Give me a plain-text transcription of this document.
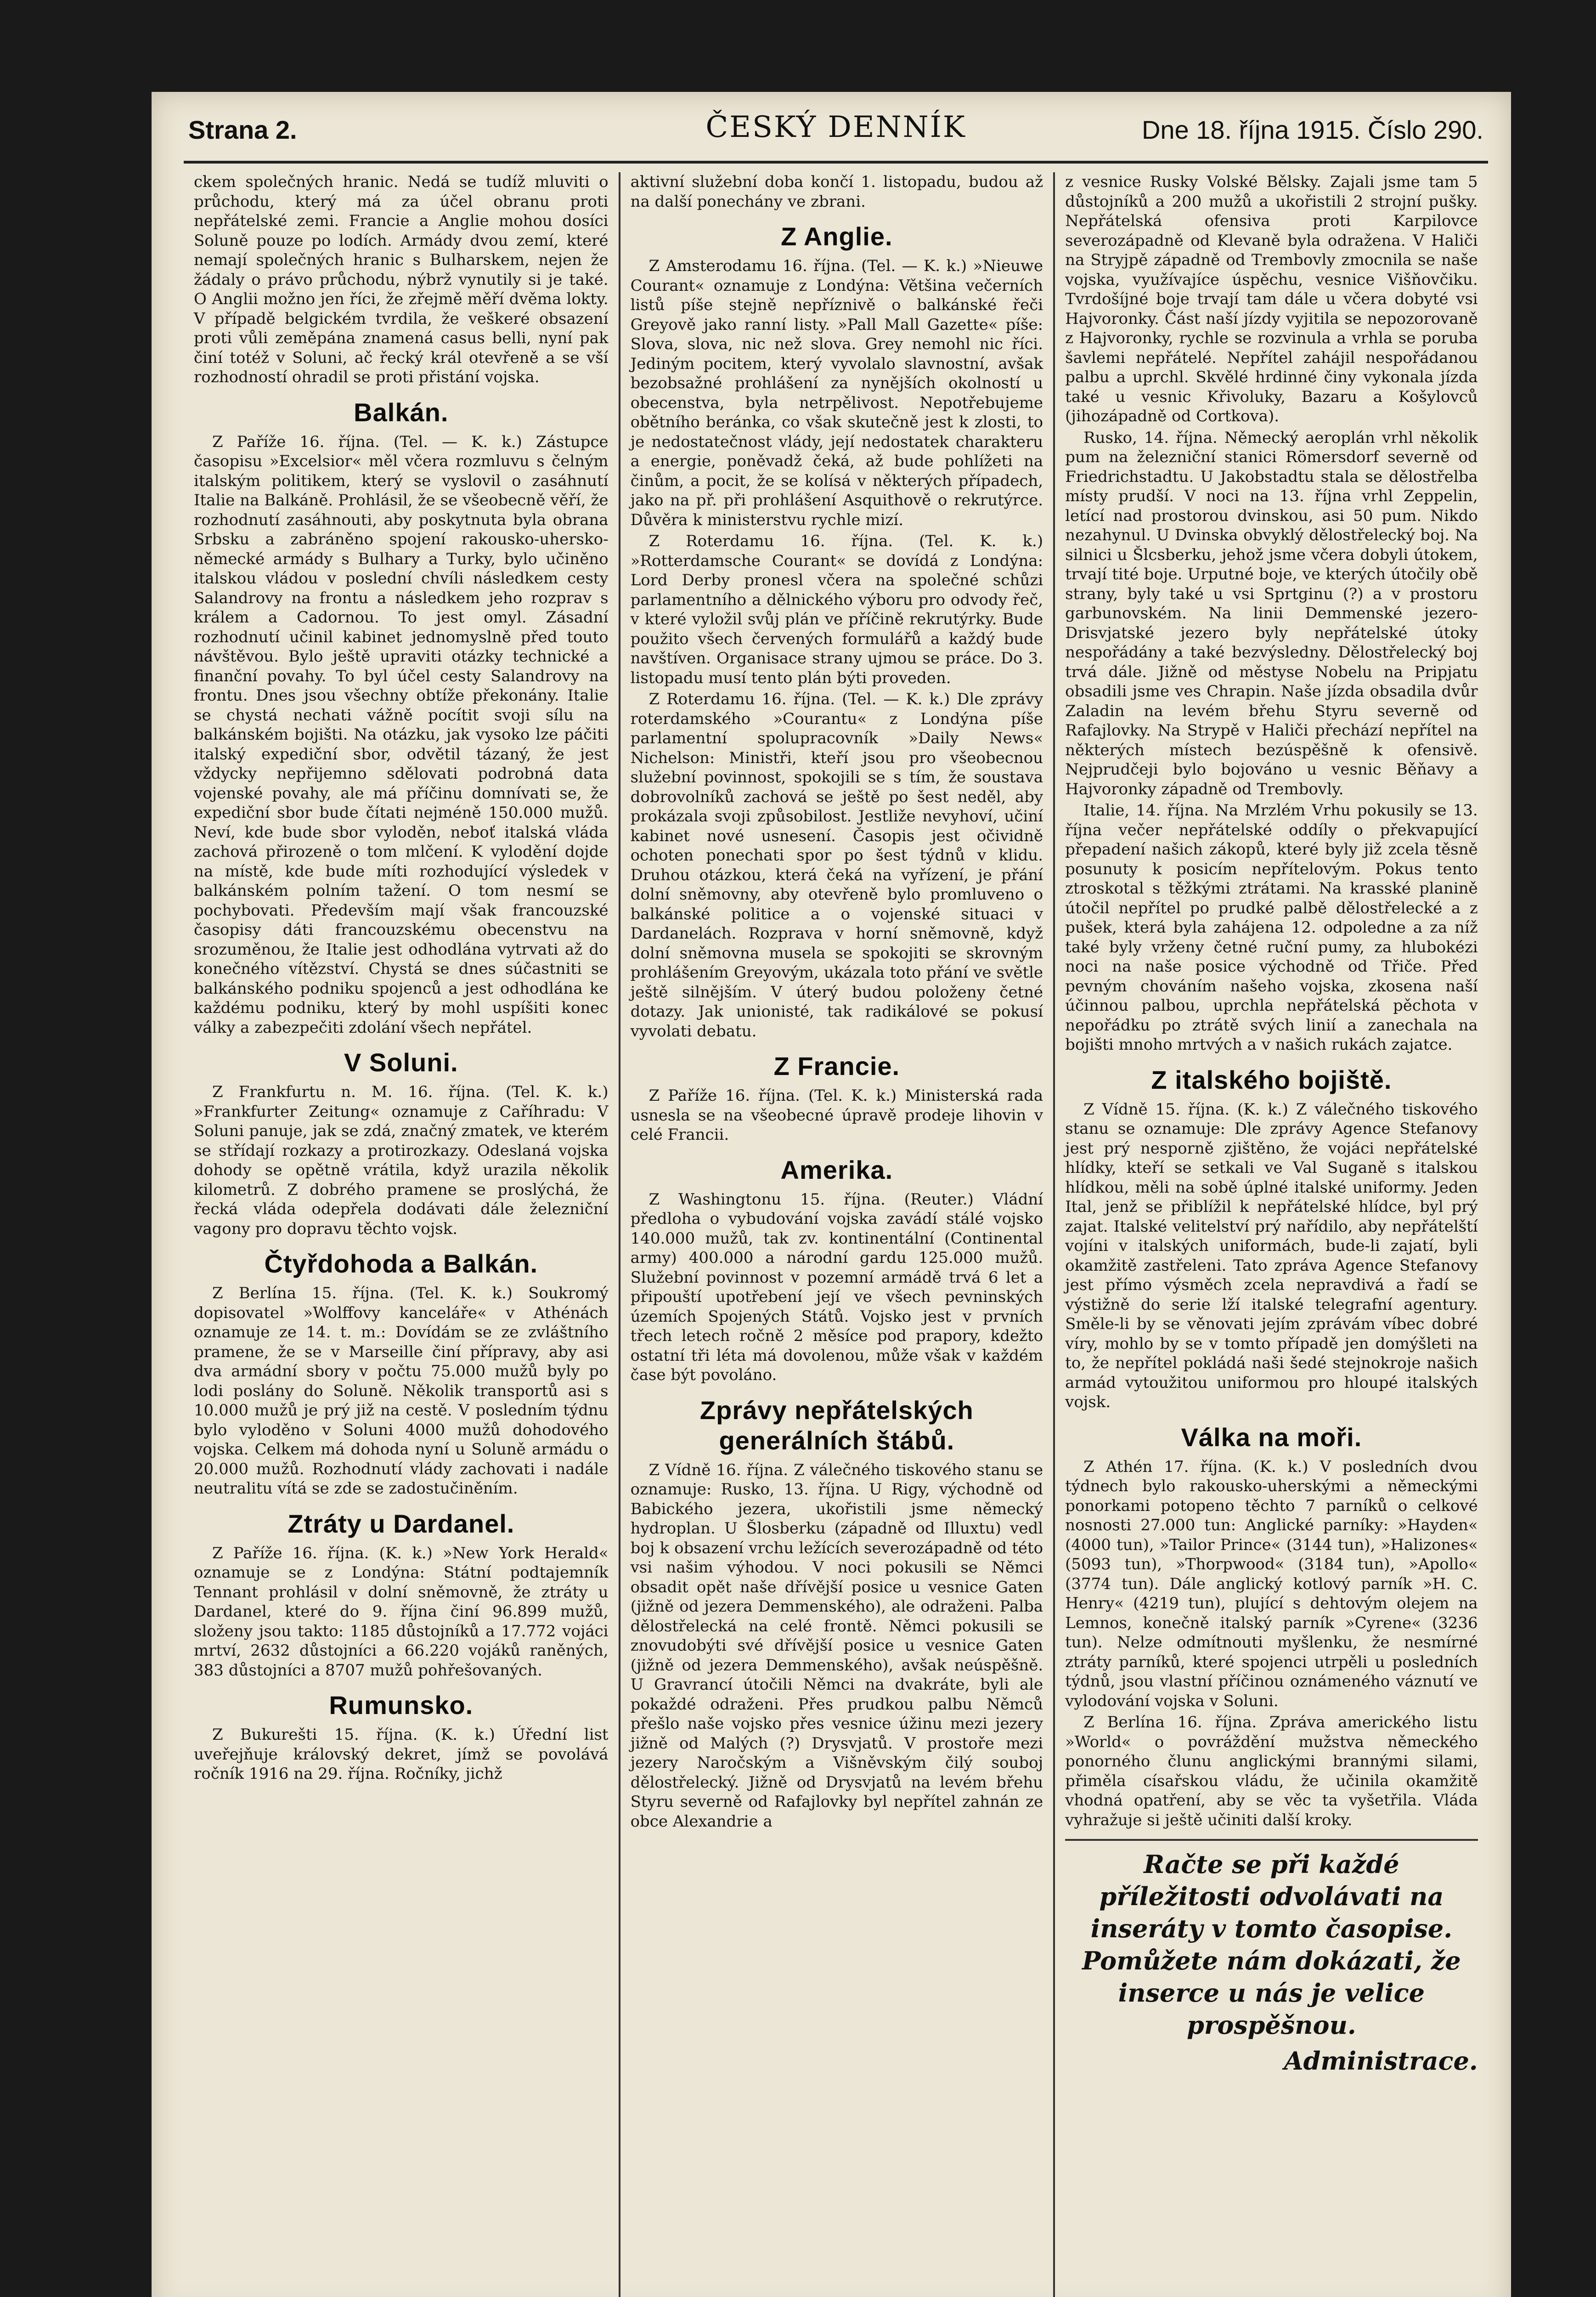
Strana 2.	ČESKÝ DENNÍK	Dne 18. října 1915. Číslo 290.

ckem společných hranic. Nedá se tudíž mluviti o průchodu, který má za účel obranu proti nepřátelské zemi. Francie a Anglie mohou dosíci Soluně pouze po lodích. Armády dvou zemí, které nemají společných hranic s Bulharskem, nejen že žádaly o právo průchodu, nýbrž vynutily si je také. O Anglii možno jen říci, že zřejmě měří dvěma lokty. V případě belgickém tvrdila, že veškeré obsazení proti vůli zeměpána znamená casus belli, nyní pak činí totéž v Soluni, ač řecký král otevřeně a se vší rozhodností ohradil se proti přistání vojska.

Balkán.

Z Paříže 16. října. (Tel. — K. k.) Zástupce časopisu »Excelsior« měl včera rozmluvu s čelným italským politikem, který se vyslovil o zasáhnutí Italie na Balkáně. Prohlásil, že se všeobecně věří, že rozhodnutí zasáhnouti, aby poskytnuta byla obrana Srbsku a zabráněno spojení rakousko-uhersko-německé armády s Bulhary a Turky, bylo učiněno italskou vládou v poslední chvíli následkem cesty Salandrovy na frontu a následkem jeho rozprav s králem a Cadornou. To jest omyl. Zásadní rozhodnutí učinil kabinet jednomyslně před touto návštěvou. Bylo ještě upraviti otázky technické a finanční povahy. To byl účel cesty Salandrovy na frontu. Dnes jsou všechny obtíže překonány. Italie se chystá nechati vážně pocítit svoji sílu na balkánském bojišti. Na otázku, jak vysoko lze páčiti italský expediční sbor, odvětil tázaný, že jest vždycky nepřijemno sdělovati podrobná data vojenské povahy, ale má příčinu domnívati se, že expediční sbor bude čítati nejméně 150.000 mužů. Neví, kde bude sbor vyloděn, neboť italská vláda zachová přirozeně o tom mlčení. K vylodění dojde na místě, kde bude míti rozhodující výsledek v balkánském polním tažení. O tom nesmí se pochybovati. Především mají však francouzské časopisy dáti francouzskému obecenstvu na srozuměnou, že Italie jest odhodlána vytrvati až do konečného vítězství. Chystá se dnes súčastniti se balkánského podniku spojenců a jest odhodlána ke každému podniku, který by mohl uspíšiti konec války a zabezpečiti zdolání všech nepřátel.

V Soluni.

Z Frankfurtu n. M. 16. října. (Tel. K. k.) »Frankfurter Zeitung« oznamuje z Caříhradu: V Soluni panuje, jak se zdá, značný zmatek, ve kterém se střídají rozkazy a protirozkazy. Odeslaná vojska dohody se opětně vrátila, když urazila několik kilometrů. Z dobrého pramene se proslýchá, že řecká vláda odepřela dodávati dále železniční vagony pro dopravu těchto vojsk.

Čtyřdohoda a Balkán.

Z Berlína 15. října. (Tel. K. k.) Soukromý dopisovatel »Wolffovy kanceláře« v Athénách oznamuje ze 14. t. m.: Dovídám se ze zvláštního pramene, že se v Marseille činí přípravy, aby asi dva armádní sbory v počtu 75.000 mužů byly po lodi poslány do Soluně. Několik transportů asi s 10.000 mužů je prý již na cestě. V posledním týdnu bylo vyloděno v Soluni 4000 mužů dohodového vojska. Celkem má dohoda nyní u Soluně armádu o 20.000 mužů. Rozhodnutí vlády zachovati i nadále neutralitu vítá se zde se zadostučiněním.

Ztráty u Dardanel.

Z Paříže 16. října. (K. k.) »New York Herald« oznamuje se z Londýna: Státní podtajemník Tennant prohlásil v dolní sněmovně, že ztráty u Dardanel, které do 9. října činí 96.899 mužů, složeny jsou takto: 1185 důstojníků a 17.772 vojáci mrtví, 2632 důstojníci a 66.220 vojáků raněných, 383 důstojníci a 8707 mužů pohřešovaných.

Rumunsko.

Z Bukurešti 15. října. (K. k.) Úřední list uveřejňuje královský dekret, jímž se povolává ročník 1916 na 29. října. Ročníky, jichž

aktivní služební doba končí 1. listopadu, budou až na další ponechány ve zbrani.

Z Anglie.

Z Amsterodamu 16. října. (Tel. — K. k.) »Nieuwe Courant« oznamuje z Londýna: Většina večerních listů píše stejně nepříznivě o balkánské řeči Greyově jako ranní listy. »Pall Mall Gazette« píše: Slova, slova, nic než slova. Grey nemohl nic říci. Jediným pocitem, který vyvolalo slavnostní, avšak bezobsažné prohlášení za nynějších okolností u obecenstva, byla netrpělivost. Nepotřebujeme obětního beránka, co však skutečně jest k zlosti, to je nedostatečnost vlády, její nedostatek charakteru a energie, poněvadž čeká, až bude pohlížeti na činům, a pocit, že se kolísá v některých případech, jako na př. při prohlášení Asquithově o rekrutýrce. Důvěra k ministerstvu rychle mizí.

Z Roterdamu 16. října. (Tel. K. k.) »Rotterdamsche Courant« se dovídá z Londýna: Lord Derby pronesl včera na společné schůzi parlamentního a dělnického výboru pro odvody řeč, v které vyložil svůj plán ve příčině rekrutýrky. Bude použito všech červených formulářů a každý bude navštíven. Organisace strany ujmou se práce. Do 3. listopadu musí tento plán býti proveden.

Z Roterdamu 16. října. (Tel. — K. k.) Dle zprávy roterdamského »Courantu« z Londýna píše parlamentní spolupracovník »Daily News« Nichelson: Ministři, kteří jsou pro všeobecnou služební povinnost, spokojili se s tím, že soustava dobrovolníků zachová se ještě po šest neděl, aby prokázala svoji způsobilost. Jestliže nevyhoví, učiní kabinet nové usnesení. Časopis jest očividně ochoten ponechati spor po šest týdnů v klidu. Druhou otázkou, která čeká na vyřízení, je přání dolní sněmovny, aby otevřeně bylo promluveno o balkánské politice a o vojenské situaci v Dardanelách. Rozprava v horní sněmovně, když dolní sněmovna musela se spokojiti se skrovným prohlášením Greyovým, ukázala toto přání ve světle ještě silnějším. V úterý budou položeny četné dotazy. Jak unionisté, tak radikálové se pokusí vyvolati debatu.

Z Francie.

Z Paříže 16. října. (Tel. K. k.) Ministerská rada usnesla se na všeobecné úpravě prodeje lihovin v celé Francii.

Amerika.

Z Washingtonu 15. října. (Reuter.) Vládní předloha o vybudování vojska zavádí stálé vojsko 140.000 mužů, tak zv. kontinentální (Continental army) 400.000 a národní gardu 125.000 mužů. Služební povinnost v pozemní armádě trvá 6 let a připouští upotřebení její ve všech pevninských územích Spojených Států. Vojsko jest v prvních třech letech ročně 2 měsíce pod prapory, kdežto ostatní tři léta má dovolenou, může však v každém čase být povoláno.

Zprávy nepřátelských generálních štábů.

Z Vídně 16. října. Z válečného tiskového stanu se oznamuje: Rusko, 13. října. U Rigy, východně od Babického jezera, ukořistili jsme německý hydroplan. U Šlosberku (západně od Illuxtu) vedl boj k obsazení vrchu ležících severozápadně od této vsi našim výhodou. V noci pokusili se Němci obsadit opět naše dřívější posice u vesnice Gaten (jižně od jezera Demmenského), ale odraženi. Palba dělostřelecká na celé frontě. Němci pokusili se znovudobýti své dřívější posice u vesnice Gaten (jižně od jezera Demmenského), avšak neúspěšně. U Gravrancí útočili Němci na dvakráte, byli ale pokaždé odraženi. Přes prudkou palbu Němců přešlo naše vojsko přes vesnice úžinu mezi jezery jižně od Malých (?) Drysvjatů. V prostoře mezi jezery Naročským a Višněvským čilý souboj dělostřelecký. Jižně od Drysvjatů na levém břehu Styru severně od Rafajlovky byl nepřítel zahnán ze obce Alexandrie a

z vesnice Rusky Volské Bělsky. Zajali jsme tam 5 důstojníků a 200 mužů a ukořistili 2 strojní pušky. Nepřátelská ofensiva proti Karpilovce severozápadně od Klevaně byla odražena. V Haliči na Stryjpě západně od Trembovly zmocnila se naše vojska, využívajíce úspěchu, vesnice Višňovčiku. Tvrdošíjné boje trvají tam dále u včera dobyté vsi Hajvoronky. Část naší jízdy vyjitila se nepozorovaně z Hajvoronky, rychle se rozvinula a vrhla se poruba šavlemi nepřátelé. Nepřítel zahájil nespořádanou palbu a uprchl. Skvělé hrdinné činy vykonala jízda také u vesnic Křivoluky, Bazaru a Košylovců (jihozápadně od Cortkova).

Rusko, 14. října. Německý aeroplán vrhl několik pum na železniční stanici Römersdorf severně od Friedrichstadtu. U Jakobstadtu stala se dělostřelba místy prudší. V noci na 13. října vrhl Zeppelin, letící nad prostorou dvinskou, asi 50 pum. Nikdo nezahynul. U Dvinska obvyklý dělostřelecký boj. Na silnici u Šlcsberku, jehož jsme včera dobyli útokem, trvají tité boje. Urputné boje, ve kterých útočily obě strany, byly také u vsi Sprtginu (?) a v prostoru garbunovském. Na linii Demmenské jezero- Drisvjatské jezero byly nepřátelské útoky nespořádány a také bezvýsledny. Dělostřelecký boj trvá dále. Jižně od městyse Nobelu na Pripjatu obsadili jsme ves Chrapin. Naše jízda obsadila dvůr Zaladin na levém břehu Styru severně od Rafajlovky. Na Strypě v Haliči přechází nepřítel na některých místech bezúspěšně k ofensivě. Nejprudčeji bylo bojováno u vesnic Běňavy a Hajvoronky západně od Trembovly.

Italie, 14. října. Na Mrzlém Vrhu pokusily se 13. října večer nepřátelské oddíly o překvapující přepadení našich zákopů, které byly již zcela těsně posunuty k posicím nepřítelovým. Pokus tento ztroskotal s těžkými ztrátami. Na krasské planině útočil nepřítel po prudké palbě dělostřelecké a z pušek, která byla zahájena 12. odpoledne a za níž také byly vrženy četné ruční pumy, za hlubokézi noci na naše posice východně od Třiče. Před pevným chováním našeho vojska, zkosena naší účinnou palbou, uprchla nepřátelská pěchota v nepořádku po ztrátě svých linií a zanechala na bojišti mnoho mrtvých a v našich rukách zajatce.

Z italského bojiště.

Z Vídně 15. října. (K. k.) Z válečného tiskového stanu se oznamuje: Dle zprávy Agence Stefanovy jest prý nesporně zjištěno, že vojáci nepřátelské hlídky, kteří se setkali ve Val Suganě s italskou hlídkou, měli na sobě úplné italské uniformy. Jeden Ital, jenž se přiblížil k nepřátelské hlídce, byl prý zajat. Italské velitelství prý nařídilo, aby nepřátelští vojíni v italských uniformách, bude-li zajatí, byli okamžitě zastřeleni. Tato zpráva Agence Stefanovy jest přímo výsměch zcela nepravdivá a řadí se výstižně do serie lží italské telegrafní agentury. Směle-li by se věnovati jejím zprávám víbec dobré víry, mohlo by se v tomto případě jen domýšleti na to, že nepřítel pokládá naši šedé stejnokroje našich armád vytoužitou uniformou pro hloupé italských vojsk.

Válka na moři.

Z Athén 17. října. (K. k.) V posledních dvou týdnech bylo rakousko-uherskými a německými ponorkami potopeno těchto 7 parníků o celkové nosnosti 27.000 tun: Anglické parníky: »Hayden« (4000 tun), »Tailor Prince« (3144 tun), »Halizones« (5093 tun), »Thorpwood« (3184 tun), »Apollo« (3774 tun). Dále anglický kotlový parník »H. C. Henry« (4219 tun), plující s dehtovým olejem na Lemnos, konečně italský parník »Cyrene« (3236 tun). Nelze odmítnouti myšlenku, že nesmírné ztráty parníků, které spojenci utrpěli u posledních týdnů, jsou vlastní příčinou oznámeného váznutí ve vylodování vojska v Soluni.

Z Berlína 16. října. Zpráva amerického listu »World« o povráždění mužstva německého ponorného člunu anglickými brannými silami, přiměla císařskou vládu, že učinila okamžitě vhodná opatření, aby se věc ta vyšetřila. Vláda vyhražuje si ještě učiniti další kroky.

Račte se při každé příležitosti odvolávati na inseráty v tomto časopise. Pomůžete nám dokázati, že inserce u nás je velice prospěšnou.
Administrace.
